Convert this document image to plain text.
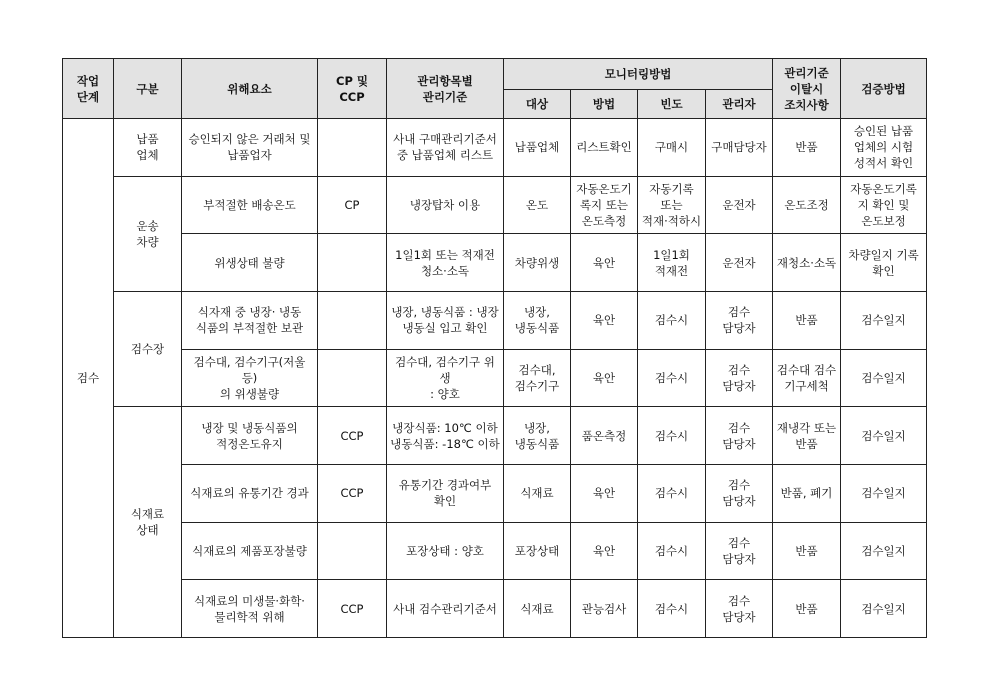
작업
단계	구분	위해요소	CP 및
CCP	관리항목별
관리기준	모니터링방법				관리기준
이탈시
조치사항	검증방법
					대상	방법	빈도	관리자		
검수	납품
업체	승인되지 않은 거래처 및
납품업자		사내 구매관리기준서
중 납품업체 리스트	납품업체	리스트확인	구매시	구매담당자	반품	승인된 납품
업체의 시험
성적서 확인
	운송
차량	부적절한 배송온도	CP	냉장탑차 이용	온도	자동온도기
록지 또는
온도측정	자동기록
또는
적재·적하시	운전자	온도조정	자동온도기록
지 확인 및
온도보정
		위생상태 불량		1일1회 또는 적재전
청소·소독	차량위생	육안	1일1회
적재전	운전자	재청소·소독	차량일지 기록
확인
	검수장	식자재 중 냉장· 냉동
식품의 부적절한 보관		냉장, 냉동식품 : 냉장
냉동실 입고 확인	냉장,
냉동식품	육안	검수시	검수
담당자	반품	검수일지
		검수대, 검수기구(저울
등)
의 위생불량		검수대, 검수기구 위
생
: 양호	검수대,
검수기구	육안	검수시	검수
담당자	검수대 검수
기구세척	검수일지
	식재료
상태	냉장 및 냉동식품의
적정온도유지	CCP	냉장식품: 10℃ 이하
냉동식품: -18℃ 이하	냉장,
냉동식품	품온측정	검수시	검수
담당자	재냉각 또는
반품	검수일지
		식재료의 유통기간 경과	CCP	유통기간 경과여부
확인	식재료	육안	검수시	검수
담당자	반품, 폐기	검수일지
		식재료의 제품포장불량		포장상태 : 양호	포장상태	육안	검수시	검수
담당자	반품	검수일지
		식재료의 미생물·화학·
물리학적 위해	CCP	사내 검수관리기준서	식재료	관능검사	검수시	검수
담당자	반품	검수일지
